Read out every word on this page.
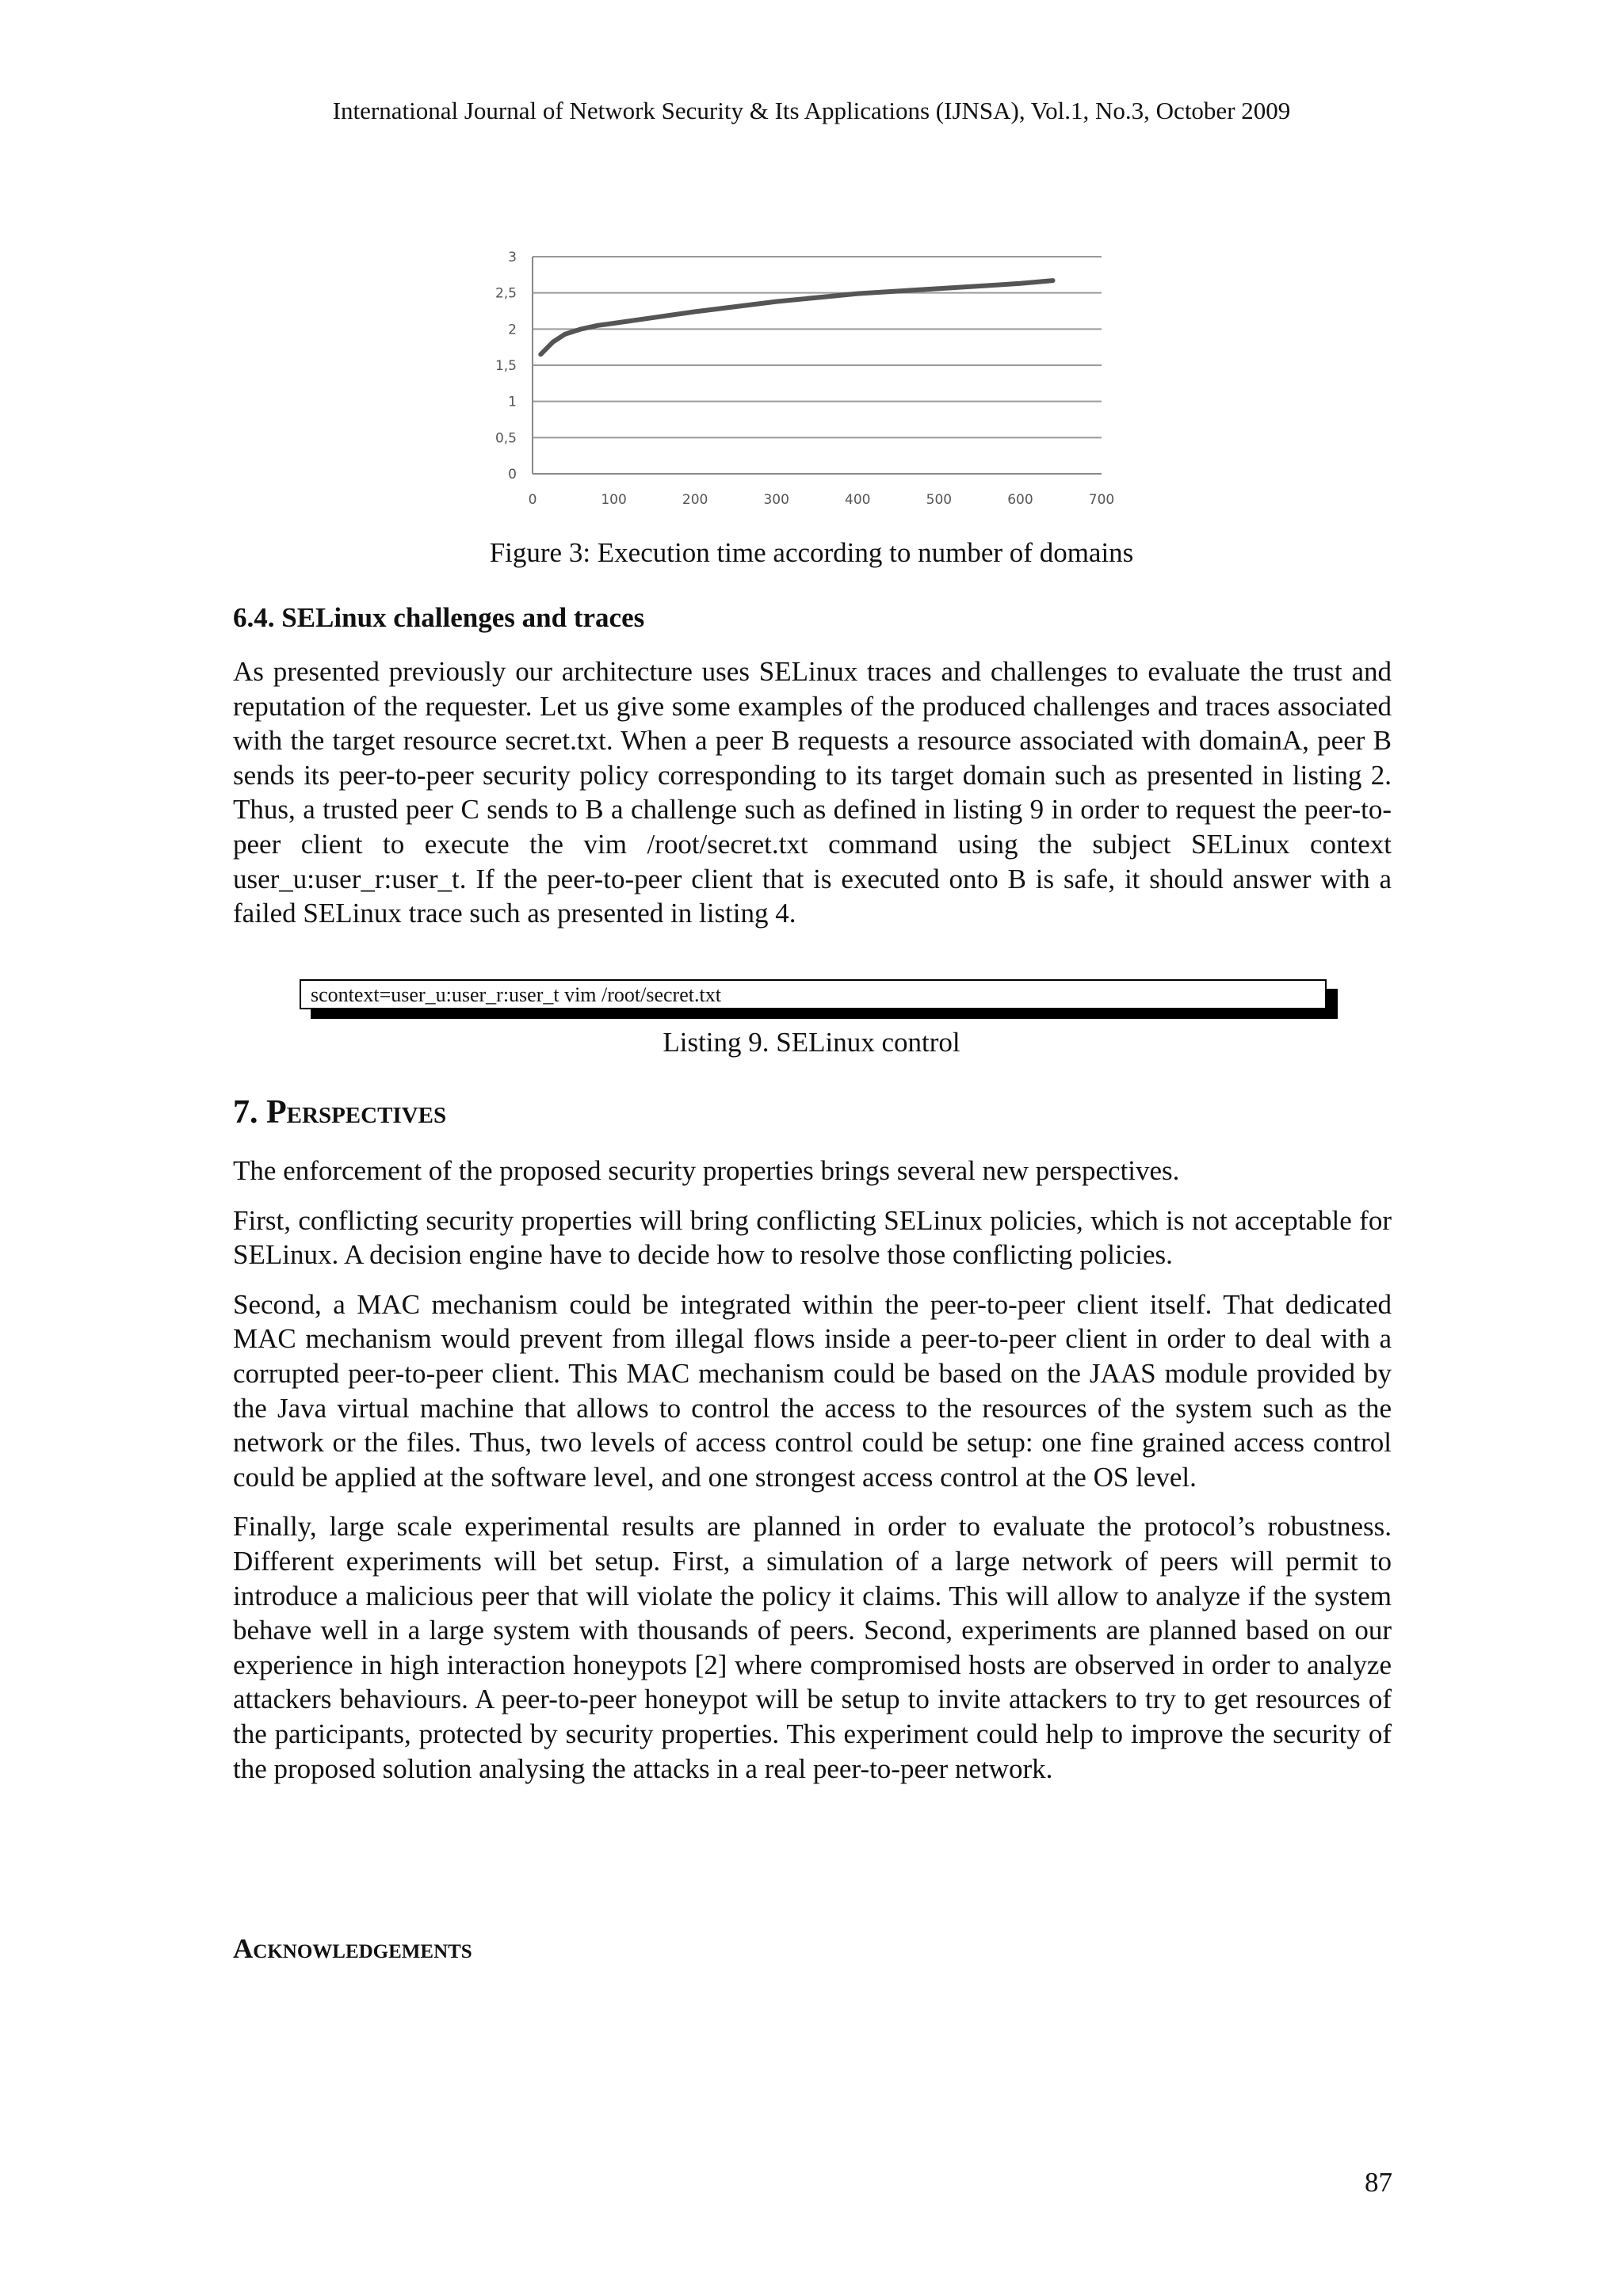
International Journal of Network Security & Its Applications (IJNSA), Vol.1, No.3, October 2009
0
0,5
1
1,5
2
2,5
3
0	100	200	300	400	500	600	700
Figure 3: Execution time according to number of domains
6.4. SELinux challenges and traces

As presented previously our architecture uses SELinux traces and challenges to evaluate the trust and reputation of the requester. Let us give some examples of the produced challenges and traces associated with the target resource secret.txt. When a peer B requests a resource associated with domainA, peer B sends its peer-to-peer security policy corresponding to its target domain such as presented in listing 2. Thus, a trusted peer C sends to B a challenge such as defined in listing 9 in order to request the peer-to-peer client to execute the vim /root/secret.txt command using the subject SELinux context user_u:user_r:user_t. If the peer-to-peer client that is executed onto B is safe, it should answer with a failed SELinux trace such as presented in listing 4.

scontext=user_u:user_r:user_t vim /root/secret.txt
Listing 9. SELinux control
7. Perspectives

The enforcement of the proposed security properties brings several new perspectives.

First, conflicting security properties will bring conflicting SELinux policies, which is not acceptable for SELinux. A decision engine have to decide how to resolve those conflicting policies.

Second, a MAC mechanism could be integrated within the peer-to-peer client itself. That dedicated MAC mechanism would prevent from illegal flows inside a peer-to-peer client in order to deal with a corrupted peer-to-peer client. This MAC mechanism could be based on the JAAS module provided by the Java virtual machine that allows to control the access to the resources of the system such as the network or the files. Thus, two levels of access control could be setup: one fine grained access control could be applied at the software level, and one strongest access control at the OS level.

Finally, large scale experimental results are planned in order to evaluate the protocol’s robustness. Different experiments will bet setup. First, a simulation of a large network of peers will permit to introduce a malicious peer that will violate the policy it claims. This will allow to analyze if the system behave well in a large system with thousands of peers. Second, experiments are planned based on our experience in high interaction honeypots [2] where compromised hosts are observed in order to analyze attackers behaviours. A peer-to-peer honeypot will be setup to invite attackers to try to get resources of the participants, protected by security properties. This experiment could help to improve the security of the proposed solution analysing the attacks in a real peer-to-peer network.

Acknowledgements
87
